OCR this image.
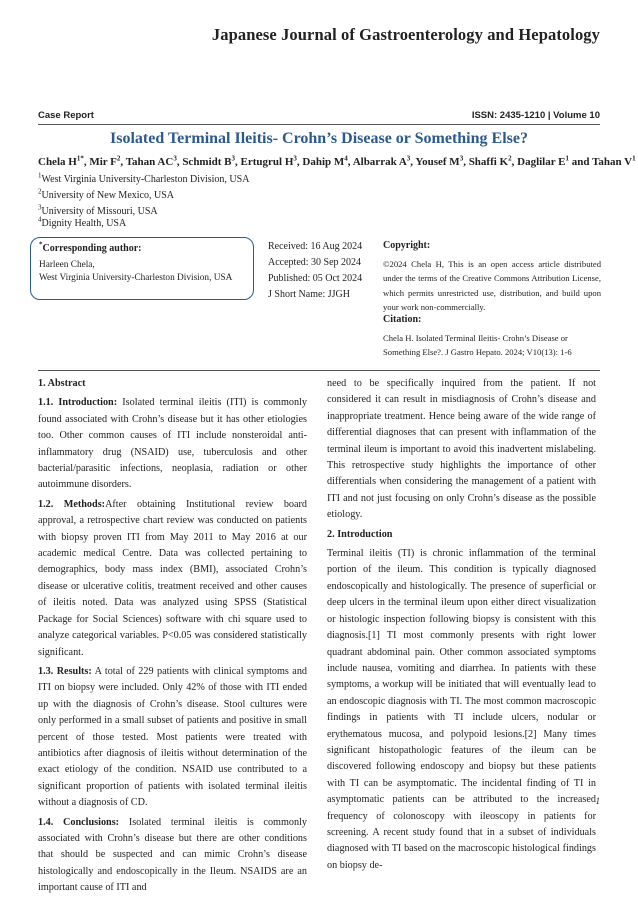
Japanese Journal of Gastroenterology and Hepatology
Case Report	ISSN: 2435-1210 | Volume 10
Isolated Terminal Ileitis- Crohn’s Disease or Something Else?
Chela $H^{1*}$, Mir $F^2$, Tahan $AC^3$, Schmidt $B^3$, Ertugrul $H^3$, Dahip $M^4$, Albarrak $A^3$, Yousef $M^3$, Shaffi $K^2$, Daglilar $E^1$ and Tahan $V^1$
$^1$West Virginia University-Charleston Division, USA
$^2$University of New Mexico, USA
$^3$University of Missouri, USA
$^4$Dignity Health, USA
*Corresponding author:
Harleen Chela,
West Virginia University-Charleston Division, USA
Received: 16 Aug 2024
Accepted: 30 Sep 2024
Published: 05 Oct 2024
J Short Name: JJGH
Copyright:
©2024 Chela H, This is an open access article distributed under the terms of the Creative Commons Attribution License, which permits unrestricted use, distribution, and build upon your work non-commercially.
Citation:
Chela H. Isolated Terminal Ileitis- Crohn’s Disease or Something Else?. J Gastro Hepato. 2024; V10(13): 1-6

1. Abstract

1.1. Introduction: Isolated terminal ileitis (ITI) is commonly found associated with Crohn’s disease but it has other etiologies too. Other common causes of ITI include nonsteroidal anti-inflammatory drug (NSAID) use, tuberculosis and other bacterial/parasitic infections, neoplasia, radiation or other autoimmune disorders.

1.2. Methods:After obtaining Institutional review board approval, a retrospective chart review was conducted on patients with biopsy proven ITI from May 2011 to May 2016 at our academic medical Centre. Data was collected pertaining to demographics, body mass index (BMI), associated Crohn’s disease or ulcerative colitis, treatment received and other causes of ileitis noted. Data was analyzed using SPSS (Statistical Package for Social Sciences) software with chi square used to analyze categorical variables. P<0.05 was considered statistically significant.

1.3. Results: A total of 229 patients with clinical symptoms and ITI on biopsy were included. Only 42% of those with ITI ended up with the diagnosis of Crohn’s disease. Stool cultures were only performed in a small subset of patients and positive in small percent of those tested. Most patients were treated with antibiotics after diagnosis of ileitis without determination of the exact etiology of the condition. NSAID use contributed to a significant proportion of patients with isolated terminal ileitis without a diagnosis of CD.

1.4. Conclusions: Isolated terminal ileitis is commonly associated with Crohn’s disease but there are other conditions that should be suspected and can mimic Crohn’s disease histologically and endoscopically in the Ileum. NSAIDS are an important cause of ITI and

need to be specifically inquired from the patient. If not considered it can result in misdiagnosis of Crohn’s disease and inappropriate treatment. Hence being aware of the wide range of differential diagnoses that can present with inflammation of the terminal ileum is important to avoid this inadvertent mislabeling. This retrospective study highlights the importance of other differentials when considering the management of a patient with ITI and not just focusing on only Crohn’s disease as the possible etiology.

2. Introduction

Terminal ileitis (TI) is chronic inflammation of the terminal portion of the ileum. This condition is typically diagnosed endoscopically and histologically. The presence of superficial or deep ulcers in the terminal ileum upon either direct visualization or histologic inspection following biopsy is consistent with this diagnosis.[1] TI most commonly presents with right lower quadrant abdominal pain. Other common associated symptoms include nausea, vomiting and diarrhea. In patients with these symptoms, a workup will be initiated that will eventually lead to an endoscopic diagnosis with TI. The most common macroscopic findings in patients with TI include ulcers, nodular or erythematous mucosa, and polypoid lesions.[2] Many times significant histopathologic features of the ileum can be discovered following endoscopy and biopsy but these patients with TI can be asymptomatic. The incidental finding of TI in asymptomatic patients can be attributed to the increased frequency of colonoscopy with ileoscopy in patients for screening. A recent study found that in a subset of individuals diagnosed with TI based on the macroscopic histological findings on biopsy de-

1
